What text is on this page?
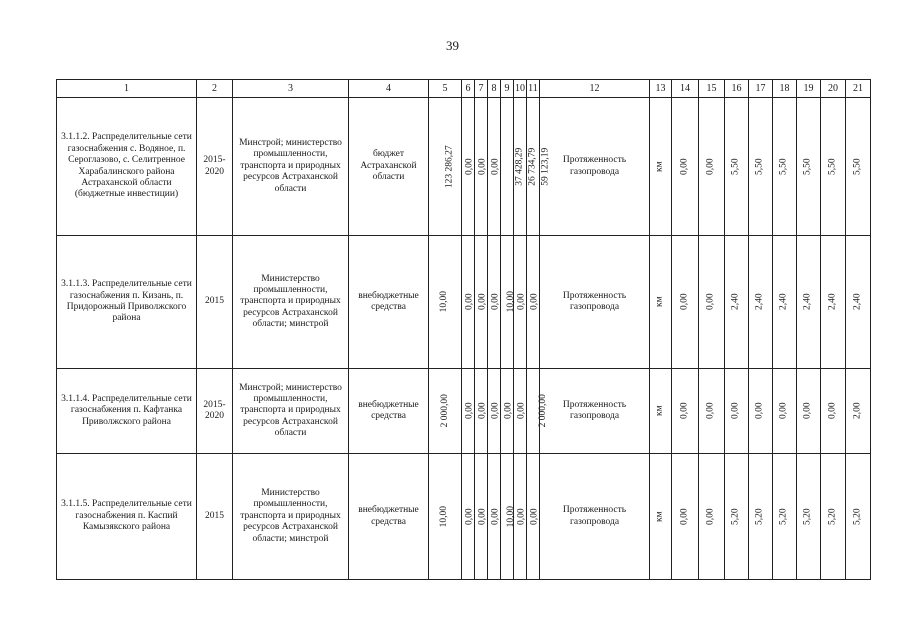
39
1	2	3	4	5	6	7	8	9	10	11	12	13	14	15	16	17	18	19	20	21
3.1.1.2. Распределительные сети газоснабжения с. Водяное, п. Сероглазово, с. Селитренное Харабалинского района Астраханской области (бюджетные инвестиции)	2015-2020	Минстрой; министерство промышленности, транспорта и природных ресурсов Астраханской области	бюджет Астраханской области	123 286,27	0,00	0,00	0,00	37 428,29	26 734,79	59 123,19	Протяженность газопровода	км	0,00	0,00	5,50	5,50	5,50	5,50	5,50	5,50
3.1.1.3. Распределительные сети газоснабжения п. Кизань, п. Придорожный Приволжского района	2015	Министерство промышленности, транспорта и природных ресурсов Астраханской области; минстрой	внебюджетные средства	10,00	0,00	0,00	0,00	10,00	0,00	0,00	Протяженность газопровода	км	0,00	0,00	2,40	2,40	2,40	2,40	2,40	2,40
3.1.1.4. Распределительные сети газоснабжения п. Кафтанка Приволжского района	2015-2020	Минстрой; министерство промышленности, транспорта и природных ресурсов Астраханской области	внебюджетные средства	2 000,00	0,00	0,00	0,00	0,00	0,00	2 000,00	Протяженность газопровода	км	0,00	0,00	0,00	0,00	0,00	0,00	0,00	2,00
3.1.1.5. Распределительные сети газоснабжения п. Каспий Камызякского района	2015	Министерство промышленности, транспорта и природных ресурсов Астраханской области; минстрой	внебюджетные средства	10,00	0,00	0,00	0,00	10,00	0,00	0,00	Протяженность газопровода	км	0,00	0,00	5,20	5,20	5,20	5,20	5,20	5,20
